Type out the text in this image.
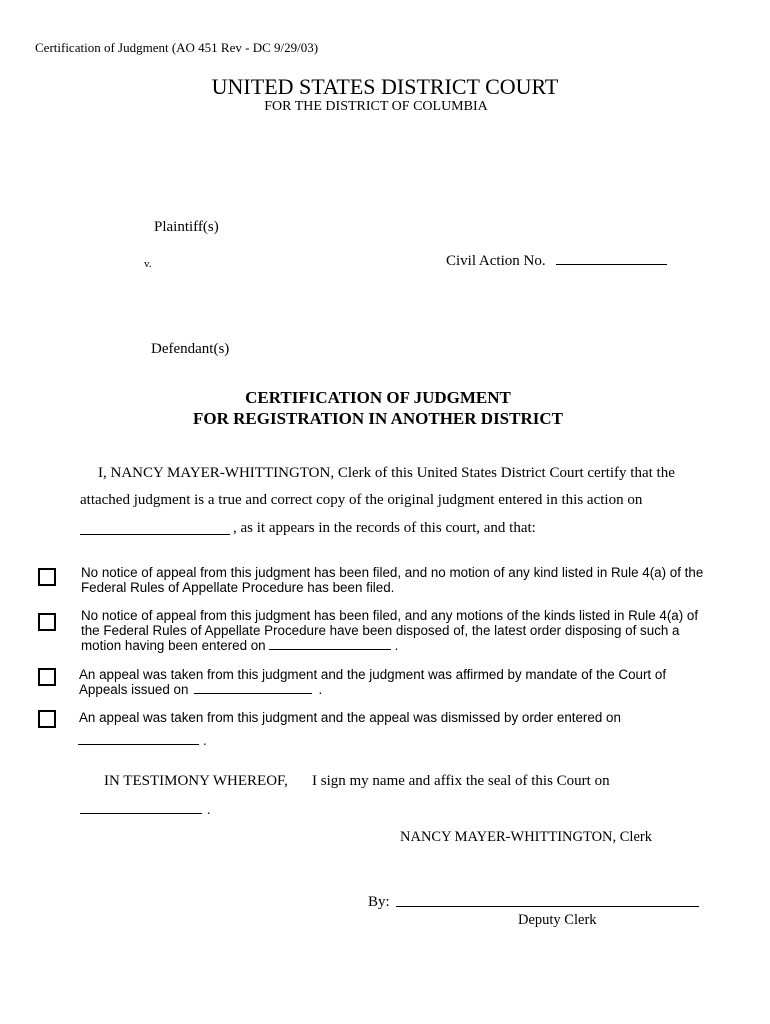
Certification of Judgment (AO 451 Rev - DC 9/29/03)
UNITED STATES DISTRICT COURT
FOR THE DISTRICT OF COLUMBIA
Plaintiff(s)
v.	Civil Action No.
Defendant(s)
CERTIFICATION OF JUDGMENT
FOR REGISTRATION IN ANOTHER DISTRICT
I, NANCY MAYER-WHITTINGTON, Clerk of this United States District Court certify that the
attached judgment is a true and correct copy of the original judgment entered in this action on
, as it appears in the records of this court, and that:
No notice of appeal from this judgment has been filed, and no motion of any kind listed in Rule 4(a) of the
Federal Rules of Appellate Procedure has been filed.
No notice of appeal from this judgment has been filed, and any motions of the kinds listed in Rule 4(a) of
the Federal Rules of Appellate Procedure have been disposed of, the latest order disposing of such a
motion having been entered on	.
An appeal was taken from this judgment and the judgment was affirmed by mandate of the Court of
Appeals issued on	.
An appeal was taken from this judgment and the appeal was dismissed by order entered on
.
IN TESTIMONY WHEREOF, I sign my name and affix the seal of this Court on
.
NANCY MAYER-WHITTINGTON, Clerk
By:
Deputy Clerk
